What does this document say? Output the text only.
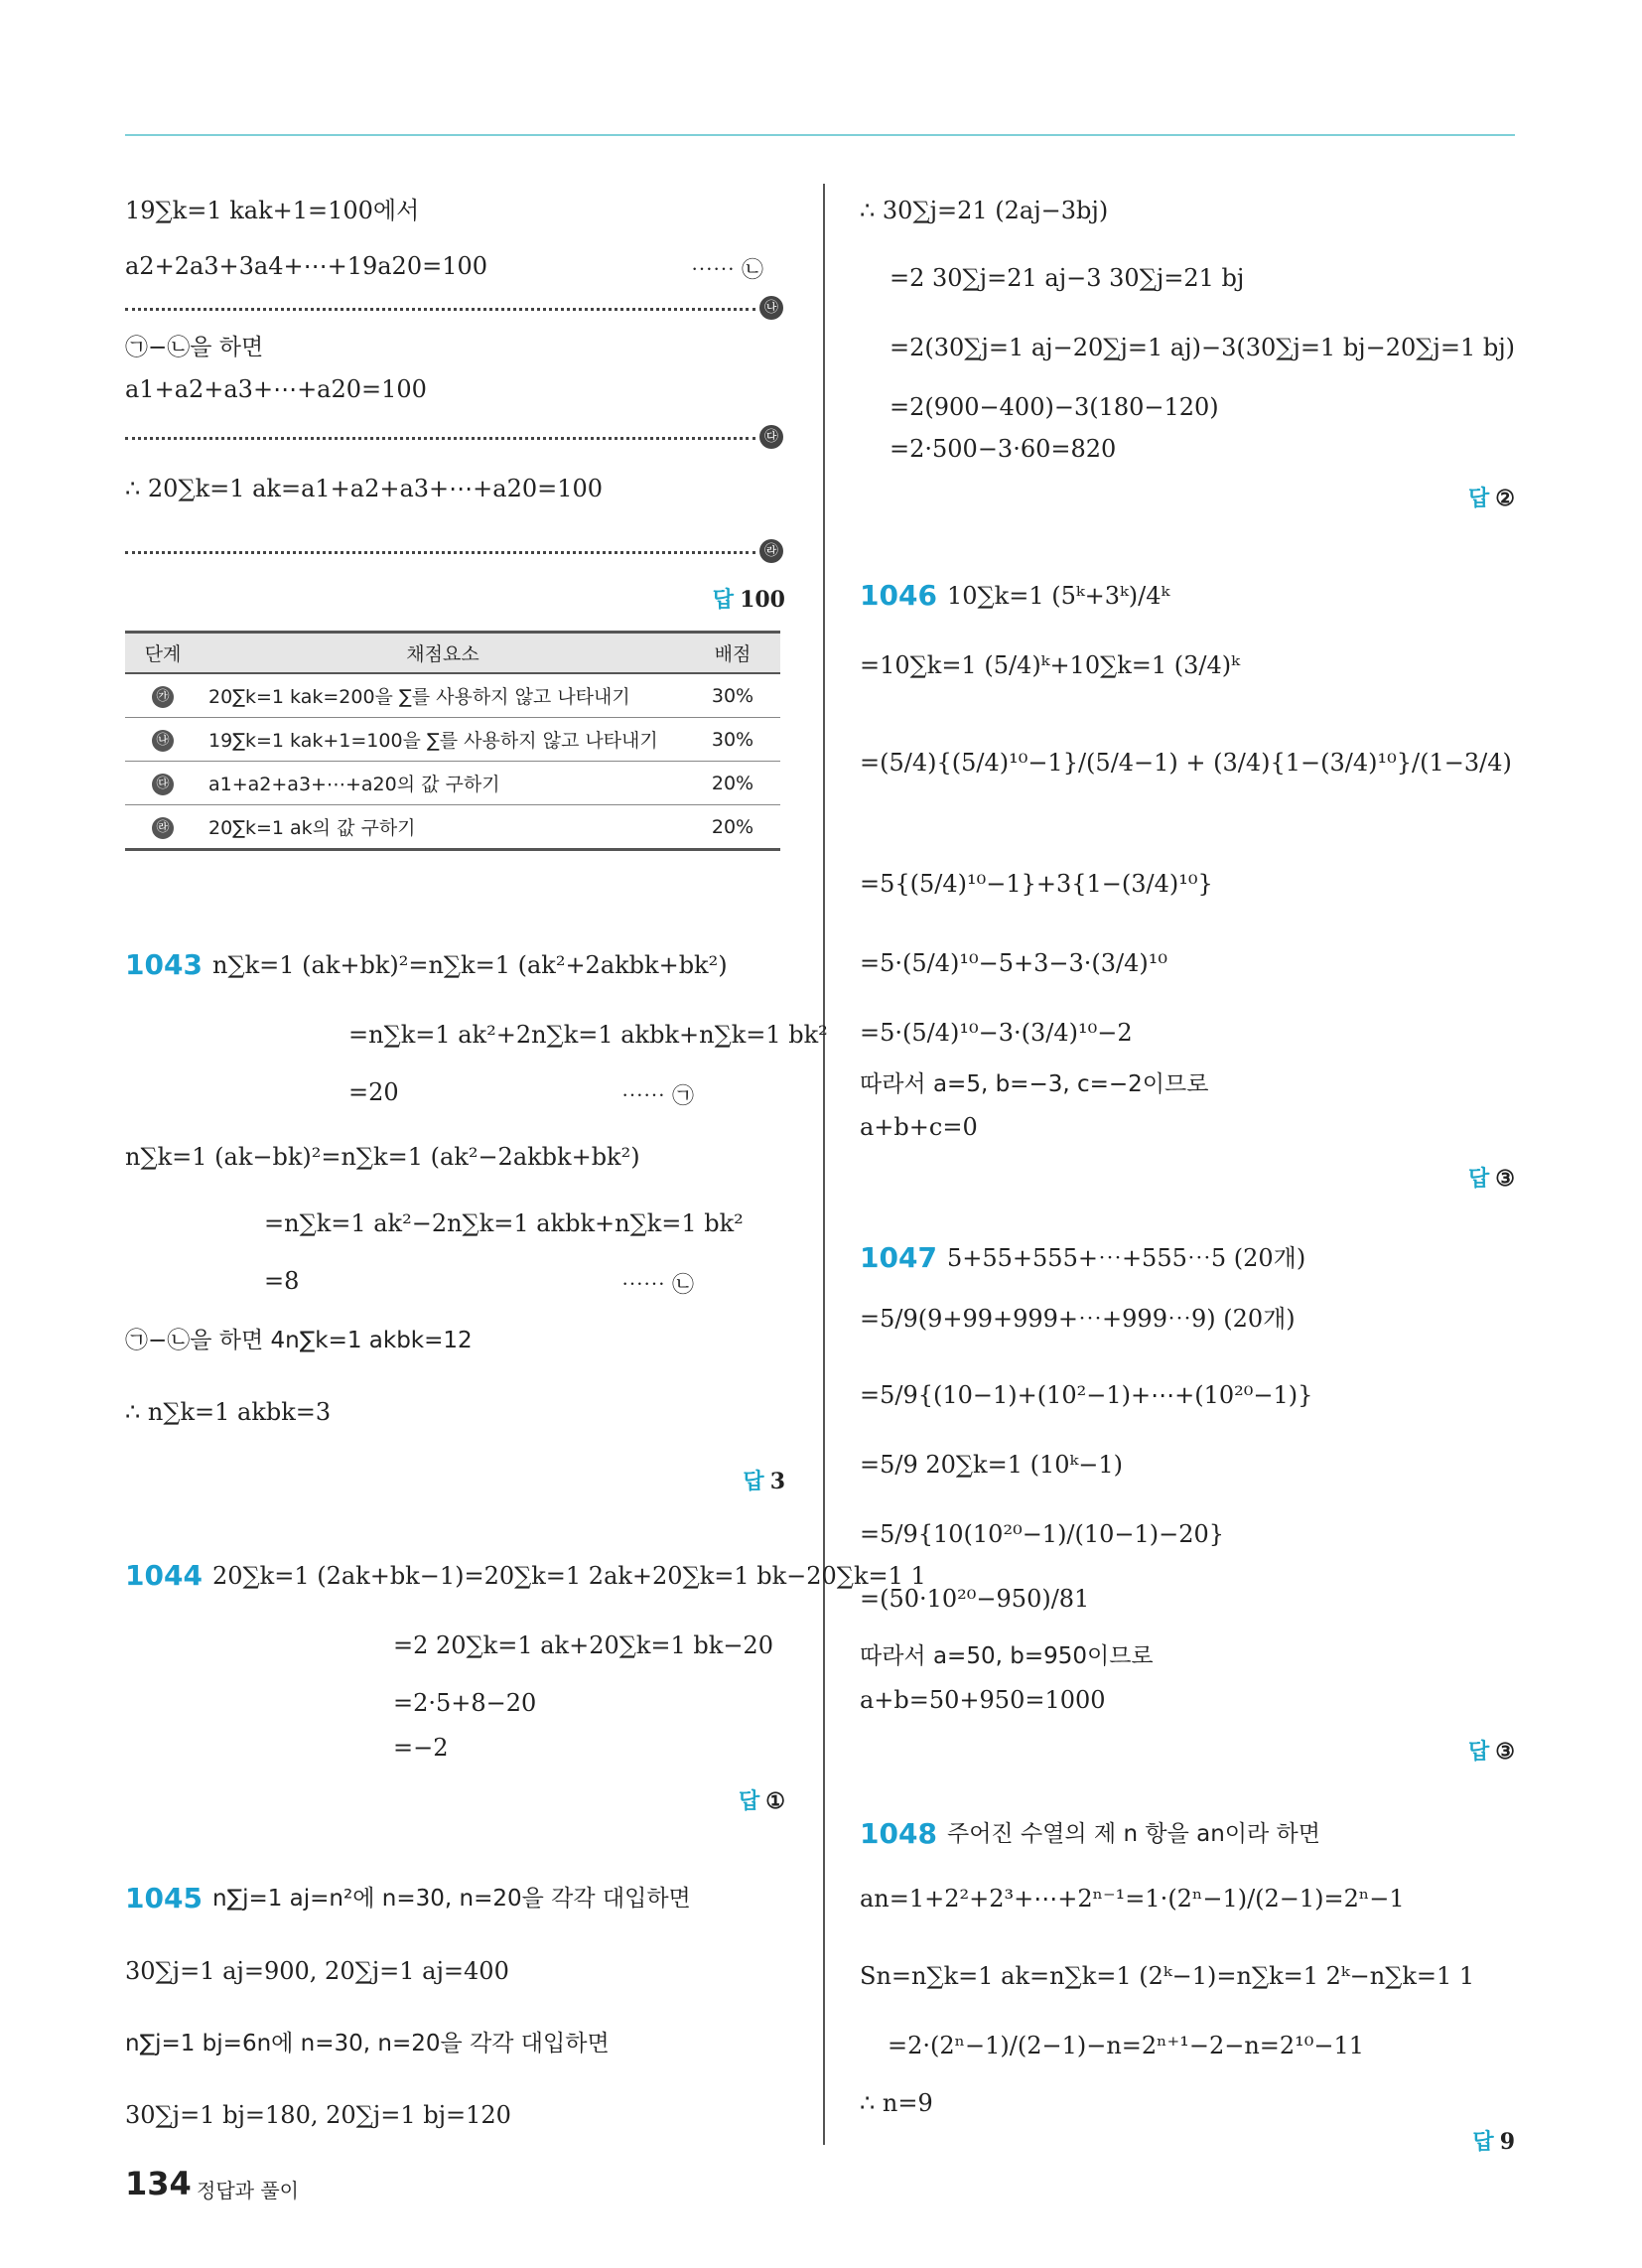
19∑k=1 kak+1=100에서
a2+2a3+3a4+⋯+19a20=100	⋯⋯ ㉡
㉯
㉠−㉡을 하면
a1+a2+a3+⋯+a20=100
㉰
∴ 20∑k=1 ak=a1+a2+a3+⋯+a20=100
㉱
답 100
단계	채점요소	배점
㉮	20∑k=1 kak=200을 ∑를 사용하지 않고 나타내기	30%
㉯	19∑k=1 kak+1=100을 ∑를 사용하지 않고 나타내기	30%
㉰	a1+a2+a3+⋯+a20의 값 구하기	20%
㉱	20∑k=1 ak의 값 구하기	20%
1043 n∑k=1 (ak+bk)²=n∑k=1 (ak²+2akbk+bk²)
=n∑k=1 ak²+2n∑k=1 akbk+n∑k=1 bk²
=20	⋯⋯ ㉠
n∑k=1 (ak−bk)²=n∑k=1 (ak²−2akbk+bk²)
=n∑k=1 ak²−2n∑k=1 akbk+n∑k=1 bk²
=8	⋯⋯ ㉡
㉠−㉡을 하면 4n∑k=1 akbk=12
∴ n∑k=1 akbk=3
답 3
1044 20∑k=1 (2ak+bk−1)=20∑k=1 2ak+20∑k=1 bk−20∑k=1 1
=2 20∑k=1 ak+20∑k=1 bk−20
=2·5+8−20
=−2
답 ①
1045 n∑j=1 aj=n²에 n=30, n=20을 각각 대입하면
30∑j=1 aj=900, 20∑j=1 aj=400
n∑j=1 bj=6n에 n=30, n=20을 각각 대입하면
30∑j=1 bj=180, 20∑j=1 bj=120
∴ 30∑j=21 (2aj−3bj)
=2 30∑j=21 aj−3 30∑j=21 bj
=2(30∑j=1 aj−20∑j=1 aj)−3(30∑j=1 bj−20∑j=1 bj)
=2(900−400)−3(180−120)
=2·500−3·60=820
답 ②
1046 10∑k=1 (5ᵏ+3ᵏ)/4ᵏ
=10∑k=1 (5/4)ᵏ+10∑k=1 (3/4)ᵏ
=(5/4){(5/4)¹⁰−1}/(5/4−1) + (3/4){1−(3/4)¹⁰}/(1−3/4)
=5{(5/4)¹⁰−1}+3{1−(3/4)¹⁰}
=5·(5/4)¹⁰−5+3−3·(3/4)¹⁰
=5·(5/4)¹⁰−3·(3/4)¹⁰−2
따라서 a=5, b=−3, c=−2이므로
a+b+c=0
답 ③
1047 5+55+555+⋯+555⋯5 (20개)
=5/9(9+99+999+⋯+999⋯9) (20개)
=5/9{(10−1)+(10²−1)+⋯+(10²⁰−1)}
=5/9 20∑k=1 (10ᵏ−1)
=5/9{10(10²⁰−1)/(10−1)−20}
=(50·10²⁰−950)/81
따라서 a=50, b=950이므로
a+b=50+950=1000
답 ③
1048 주어진 수열의 제 n 항을 an이라 하면
an=1+2²+2³+⋯+2ⁿ⁻¹=1·(2ⁿ−1)/(2−1)=2ⁿ−1
Sn=n∑k=1 ak=n∑k=1 (2ᵏ−1)=n∑k=1 2ᵏ−n∑k=1 1
=2·(2ⁿ−1)/(2−1)−n=2ⁿ⁺¹−2−n=2¹⁰−11
∴ n=9
답 9
134 정답과 풀이
